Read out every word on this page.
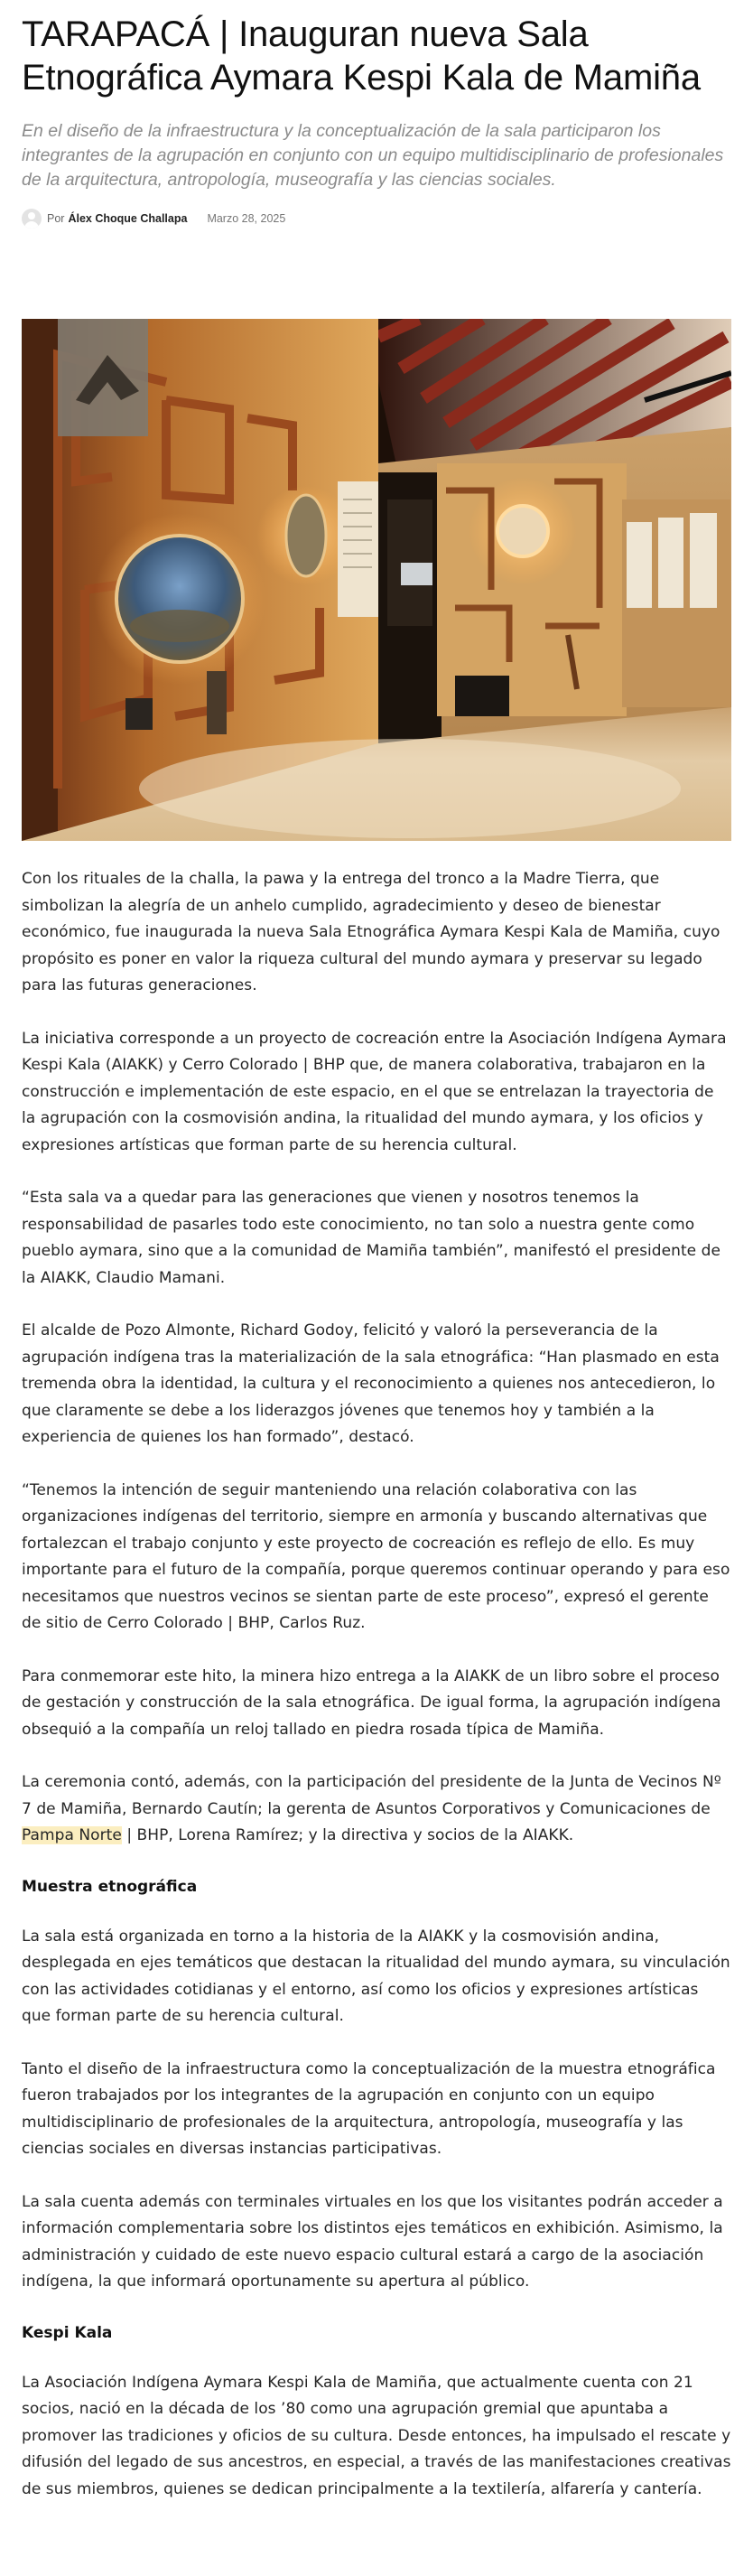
TARAPACÁ | Inauguran nueva Sala Etnográfica Aymara Kespi Kala de Mamiña

En el diseño de la infraestructura y la conceptualización de la sala participaron los integrantes de la agrupación en conjunto con un equipo multidisciplinario de profesionales de la arquitectura, antropología, museografía y las ciencias sociales.

Por Álex Choque Challapa Marzo 28, 2025

Con los rituales de la challa, la pawa y la entrega del tronco a la Madre Tierra, que simbolizan la alegría de un anhelo cumplido, agradecimiento y deseo de bienestar económico, fue inaugurada la nueva Sala Etnográfica Aymara Kespi Kala de Mamiña, cuyo propósito es poner en valor la riqueza cultural del mundo aymara y preservar su legado para las futuras generaciones.

La iniciativa corresponde a un proyecto de cocreación entre la Asociación Indígena Aymara Kespi Kala (AIAKK) y Cerro Colorado | BHP que, de manera colaborativa, trabajaron en la construcción e implementación de este espacio, en el que se entrelazan la trayectoria de la agrupación con la cosmovisión andina, la ritualidad del mundo aymara, y los oficios y expresiones artísticas que forman parte de su herencia cultural.

“Esta sala va a quedar para las generaciones que vienen y nosotros tenemos la responsabilidad de pasarles todo este conocimiento, no tan solo a nuestra gente como pueblo aymara, sino que a la comunidad de Mamiña también”, manifestó el presidente de la AIAKK, Claudio Mamani.

El alcalde de Pozo Almonte, Richard Godoy, felicitó y valoró la perseverancia de la agrupación indígena tras la materialización de la sala etnográfica: “Han plasmado en esta tremenda obra la identidad, la cultura y el reconocimiento a quienes nos antecedieron, lo que claramente se debe a los liderazgos jóvenes que tenemos hoy y también a la experiencia de quienes los han formado”, destacó.

“Tenemos la intención de seguir manteniendo una relación colaborativa con las organizaciones indígenas del territorio, siempre en armonía y buscando alternativas que fortalezcan el trabajo conjunto y este proyecto de cocreación es reflejo de ello. Es muy importante para el futuro de la compañía, porque queremos continuar operando y para eso necesitamos que nuestros vecinos se sientan parte de este proceso”, expresó el gerente de sitio de Cerro Colorado | BHP, Carlos Ruz.

Para conmemorar este hito, la minera hizo entrega a la AIAKK de un libro sobre el proceso de gestación y construcción de la sala etnográfica. De igual forma, la agrupación indígena obsequió a la compañía un reloj tallado en piedra rosada típica de Mamiña.

La ceremonia contó, además, con la participación del presidente de la Junta de Vecinos Nº 7 de Mamiña, Bernardo Cautín; la gerenta de Asuntos Corporativos y Comunicaciones de Pampa Norte | BHP, Lorena Ramírez; y la directiva y socios de la AIAKK.

Muestra etnográfica

La sala está organizada en torno a la historia de la AIAKK y la cosmovisión andina, desplegada en ejes temáticos que destacan la ritualidad del mundo aymara, su vinculación con las actividades cotidianas y el entorno, así como los oficios y expresiones artísticas que forman parte de su herencia cultural.

Tanto el diseño de la infraestructura como la conceptualización de la muestra etnográfica fueron trabajados por los integrantes de la agrupación en conjunto con un equipo multidisciplinario de profesionales de la arquitectura, antropología, museografía y las ciencias sociales en diversas instancias participativas.

La sala cuenta además con terminales virtuales en los que los visitantes podrán acceder a información complementaria sobre los distintos ejes temáticos en exhibición. Asimismo, la administración y cuidado de este nuevo espacio cultural estará a cargo de la asociación indígena, la que informará oportunamente su apertura al público.

Kespi Kala

La Asociación Indígena Aymara Kespi Kala de Mamiña, que actualmente cuenta con 21 socios, nació en la década de los ’80 como una agrupación gremial que apuntaba a promover las tradiciones y oficios de su cultura. Desde entonces, ha impulsado el rescate y difusión del legado de sus ancestros, en especial, a través de las manifestaciones creativas de sus miembros, quienes se dedican principalmente a la textilería, alfarería y cantería.
